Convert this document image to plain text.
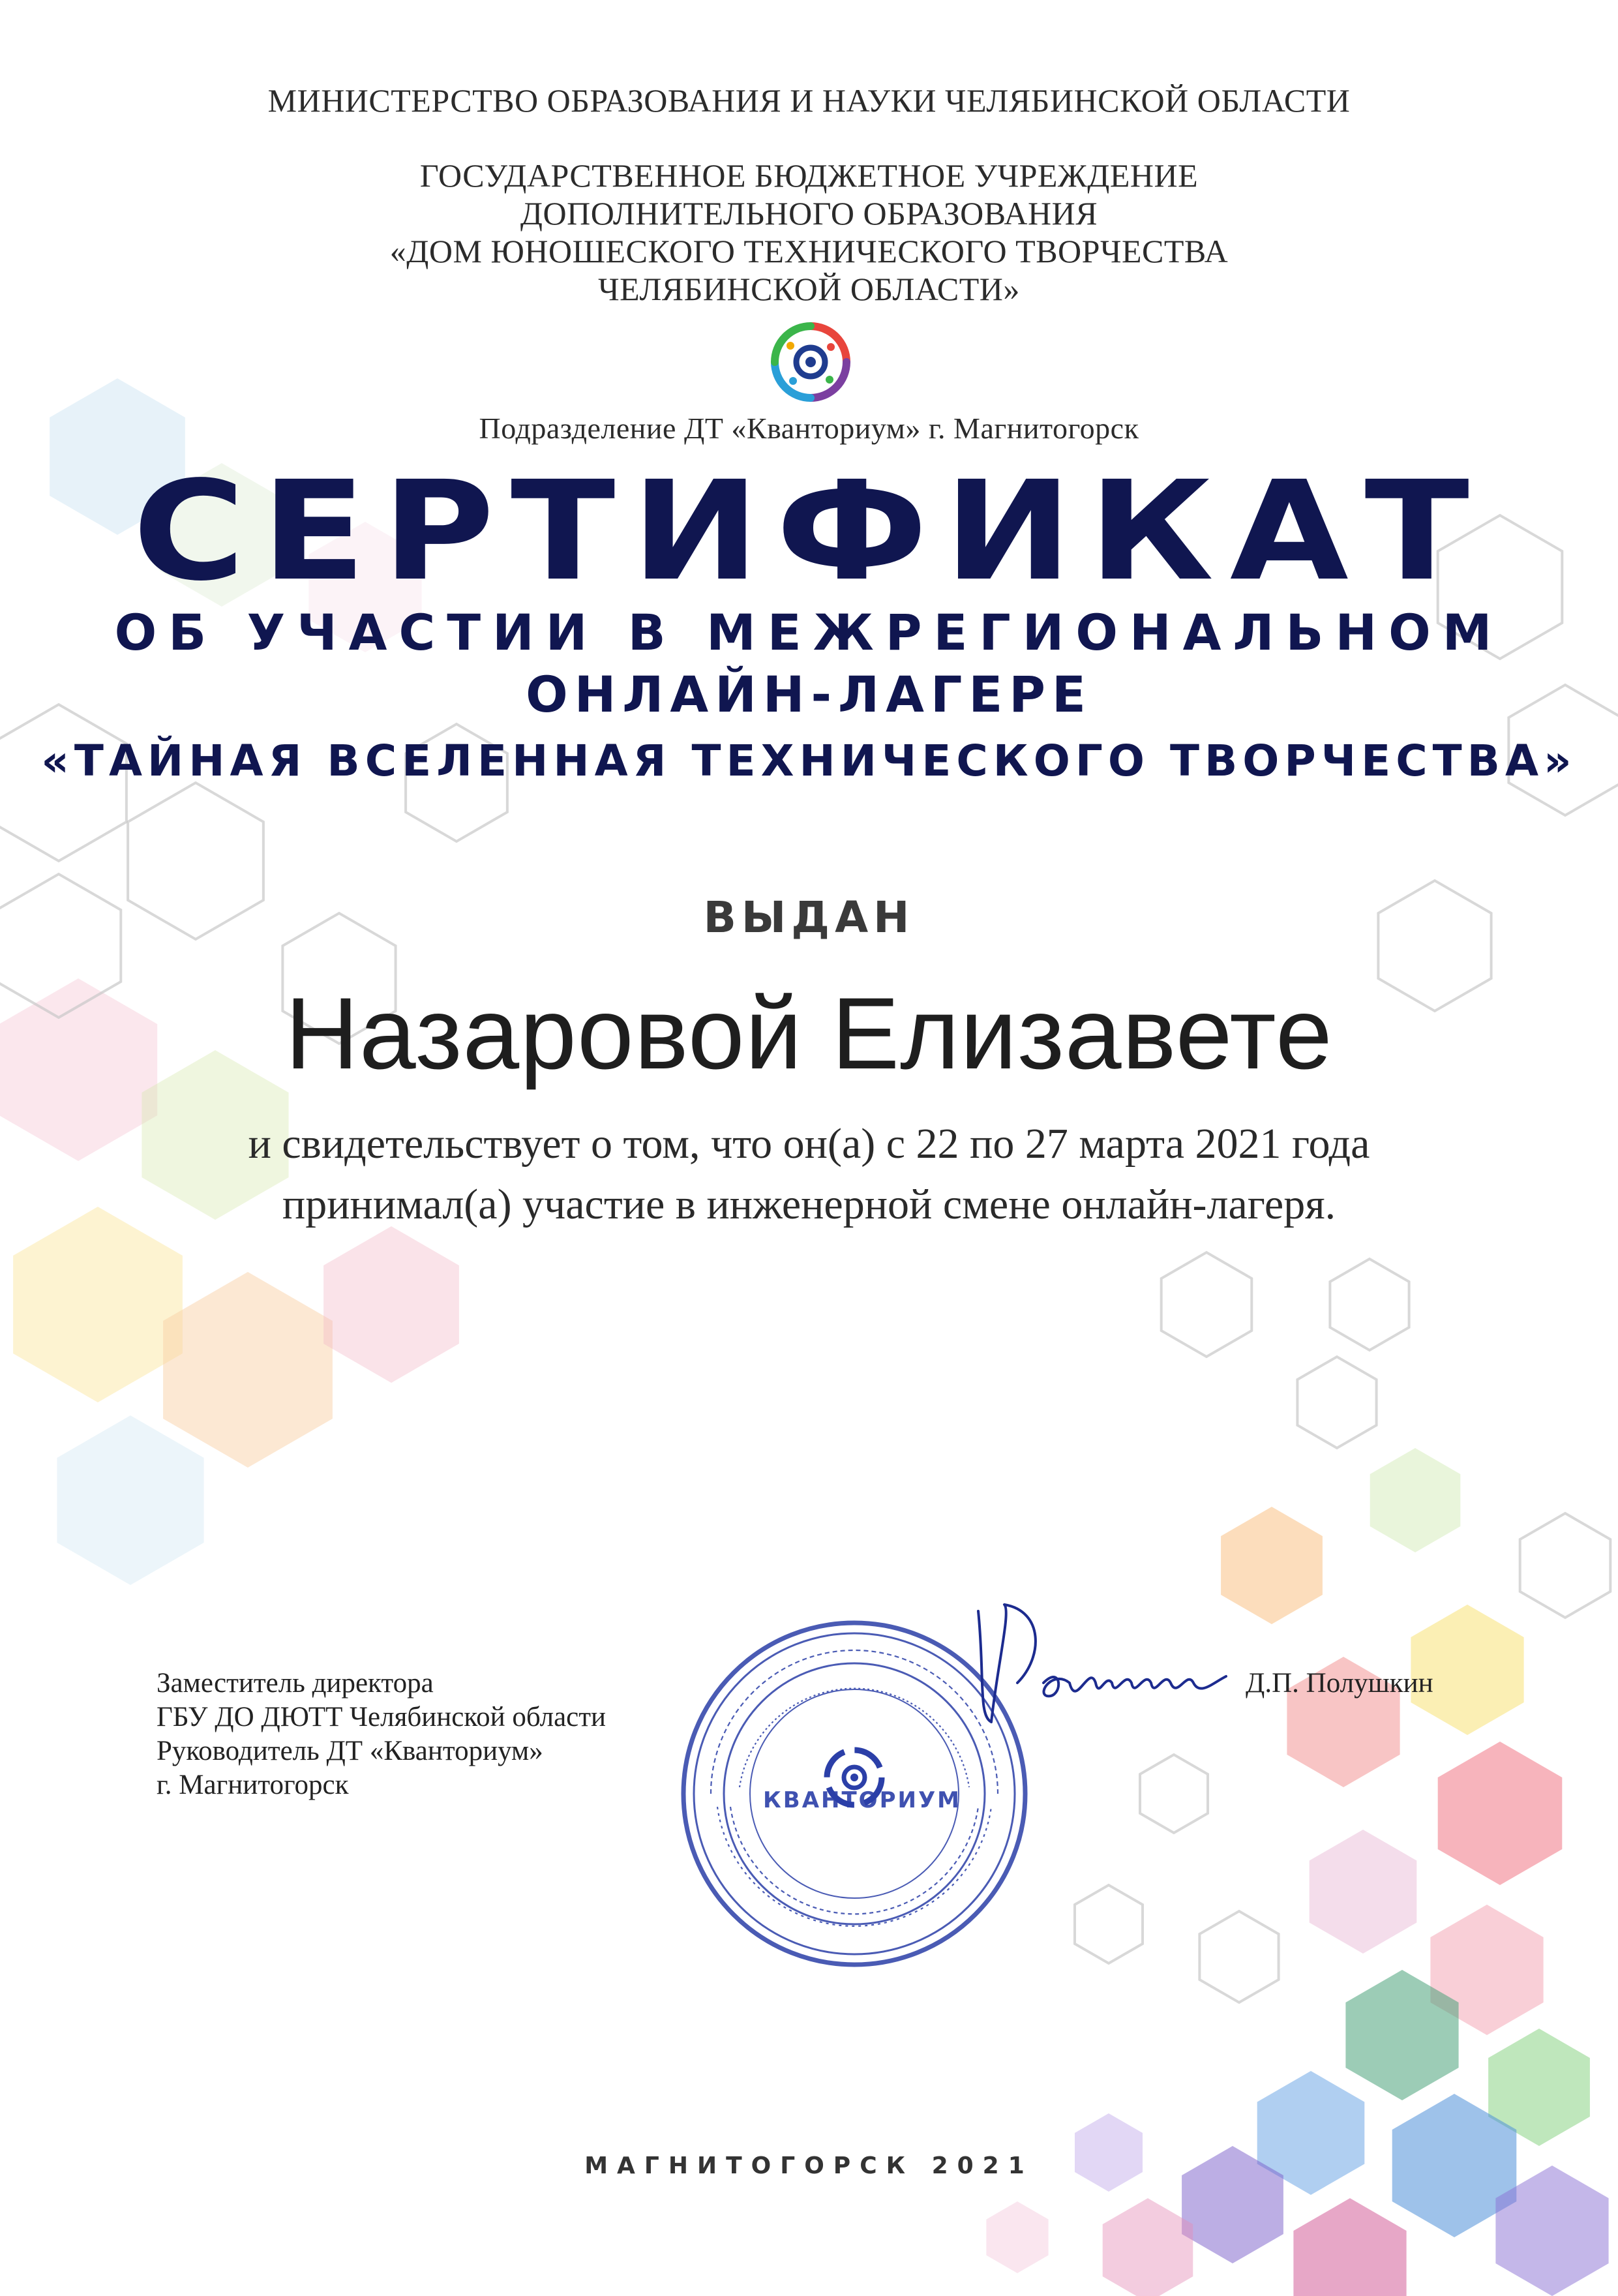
МИНИСТЕРСТВО ОБРАЗОВАНИЯ И НАУКИ ЧЕЛЯБИНСКОЙ ОБЛАСТИ
ГОСУДАРСТВЕННОЕ БЮДЖЕТНОЕ УЧРЕЖДЕНИЕ
ДОПОЛНИТЕЛЬНОГО ОБРАЗОВАНИЯ
«ДОМ ЮНОШЕСКОГО ТЕХНИЧЕСКОГО ТВОРЧЕСТВА
ЧЕЛЯБИНСКОЙ ОБЛАСТИ»
Подразделение ДТ «Кванториум» г. Магнитогорск
СЕРТИФИКАТ
ОБ УЧАСТИИ В МЕЖРЕГИОНАЛЬНОМ
ОНЛАЙН-ЛАГЕРЕ
«ТАЙНАЯ ВСЕЛЕННАЯ ТЕХНИЧЕСКОГО ТВОРЧЕСТВА»
ВЫДАН
Назаровой Елизавете
и свидетельствует о том, что он(а) с 22 по 27 марта 2021 года
принимал(а) участие в инженерной смене онлайн-лагеря.
Заместитель директора
ГБУ ДО ДЮТТ Челябинской области
Руководитель ДТ «Кванториум»
г. Магнитогорск
Д.П. Полушкин
КВАНТОРИУМ
МАГНИТОГОРСК 2021
